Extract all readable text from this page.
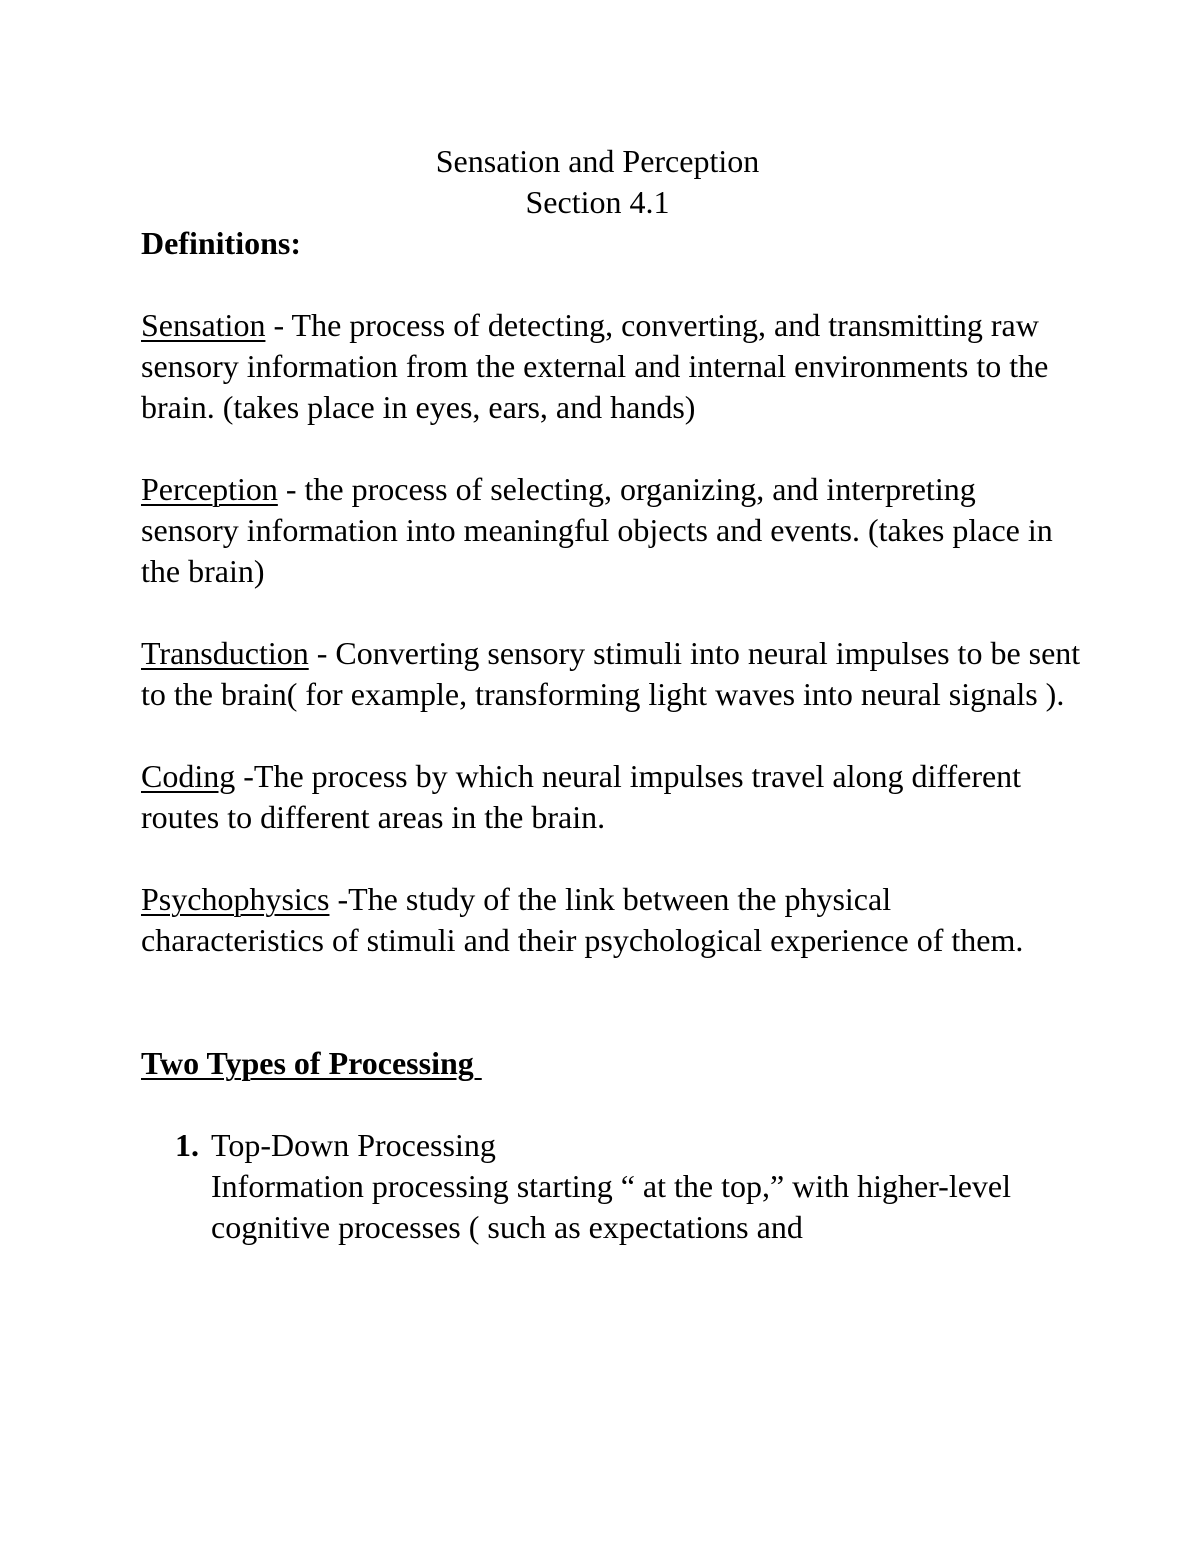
Sensation and Perception
Section 4.1

Definitions:

Sensation - The process of detecting, converting, and transmitting raw sensory information from the external and internal environments to the brain. (takes place in eyes, ears, and hands)

Perception - the process of selecting, organizing, and interpreting sensory information into meaningful objects and events. (takes place in the brain)

Transduction - Converting sensory stimuli into neural impulses to be sent to the brain( for example, transforming light waves into neural signals ).

Coding -The process by which neural impulses travel along different routes to different areas in the brain.

Psychophysics -The study of the link between the physical characteristics of stimuli and their psychological experience of them.

Two Types of Processing

1. Top-Down Processing
Information processing starting “ at the top,” with higher-level cognitive processes ( such as expectations and
